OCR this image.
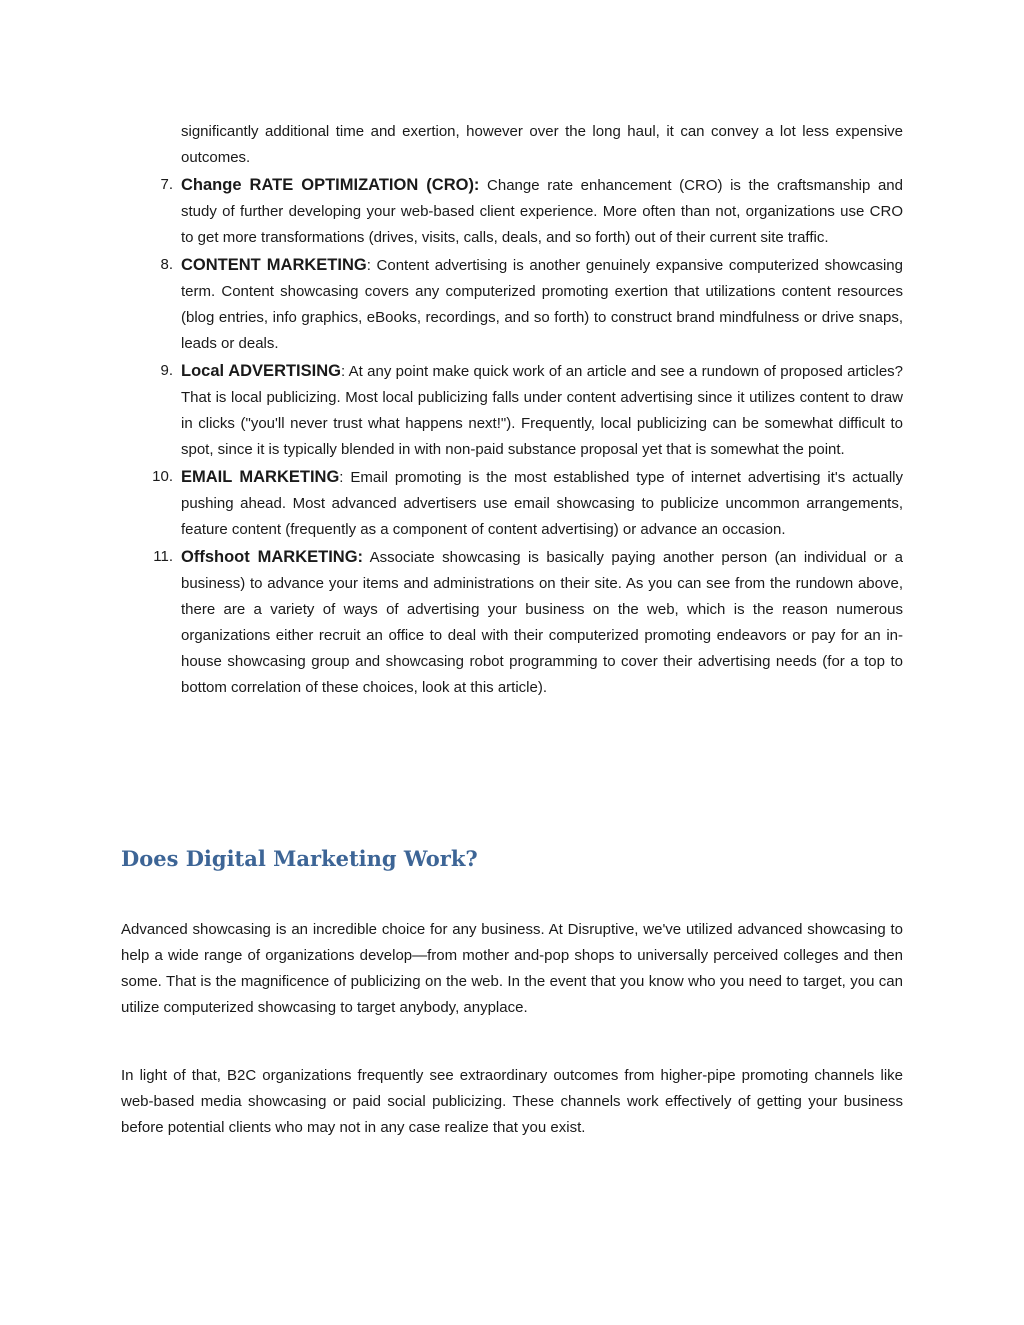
significantly additional time and exertion, however over the long haul, it can convey a lot less expensive outcomes.

7. Change RATE OPTIMIZATION (CRO): Change rate enhancement (CRO) is the craftsmanship and study of further developing your web-based client experience. More often than not, organizations use CRO to get more transformations (drives, visits, calls, deals, and so forth) out of their current site traffic.
8. CONTENT MARKETING: Content advertising is another genuinely expansive computerized showcasing term. Content showcasing covers any computerized promoting exertion that utilizations content resources (blog entries, info graphics, eBooks, recordings, and so forth) to construct brand mindfulness or drive snaps, leads or deals.
9. Local ADVERTISING: At any point make quick work of an article and see a rundown of proposed articles? That is local publicizing. Most local publicizing falls under content advertising since it utilizes content to draw in clicks ("you'll never trust what happens next!"). Frequently, local publicizing can be somewhat difficult to spot, since it is typically blended in with non-paid substance proposal yet that is somewhat the point.
10. EMAIL MARKETING: Email promoting is the most established type of internet advertising it's actually pushing ahead. Most advanced advertisers use email showcasing to publicize uncommon arrangements, feature content (frequently as a component of content advertising) or advance an occasion.
11. Offshoot MARKETING: Associate showcasing is basically paying another person (an individual or a business) to advance your items and administrations on their site. As you can see from the rundown above, there are a variety of ways of advertising your business on the web, which is the reason numerous organizations either recruit an office to deal with their computerized promoting endeavors or pay for an in-house showcasing group and showcasing robot programming to cover their advertising needs (for a top to bottom correlation of these choices, look at this article).
Does Digital Marketing Work?

Advanced showcasing is an incredible choice for any business. At Disruptive, we've utilized advanced showcasing to help a wide range of organizations develop—from mother and-pop shops to universally perceived colleges and then some. That is the magnificence of publicizing on the web. In the event that you know who you need to target, you can utilize computerized showcasing to target anybody, anyplace.

In light of that, B2C organizations frequently see extraordinary outcomes from higher-pipe promoting channels like web-based media showcasing or paid social publicizing. These channels work effectively of getting your business before potential clients who may not in any case realize that you exist.
